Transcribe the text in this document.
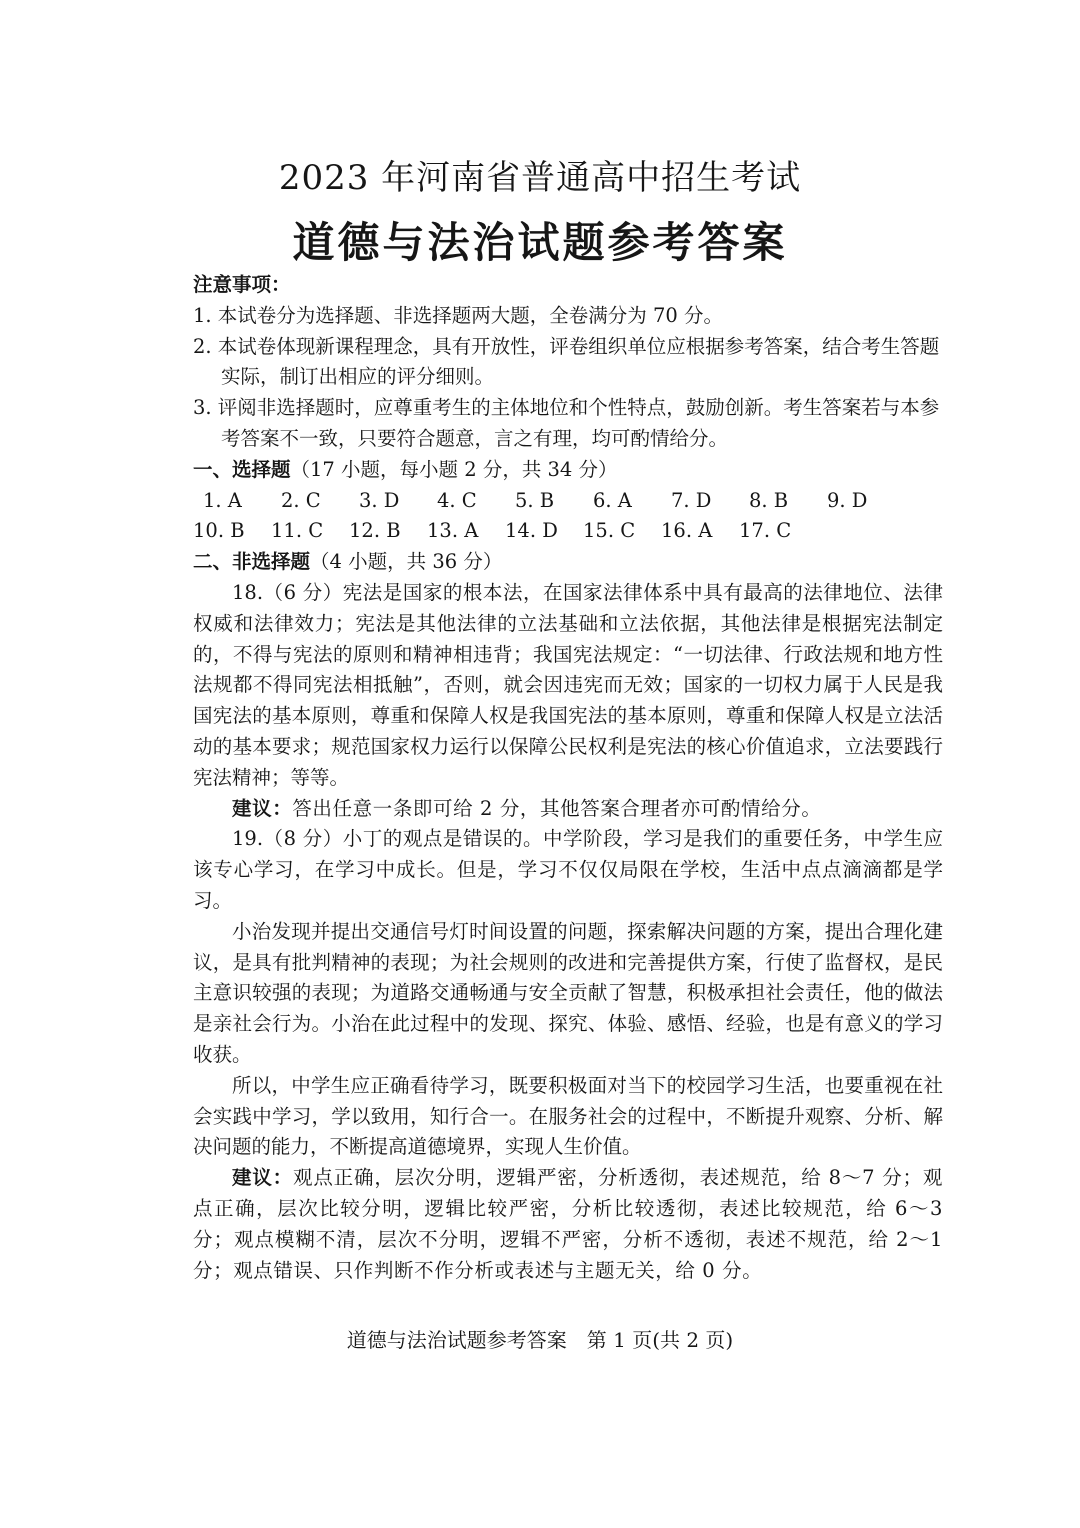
2023 年河南省普通高中招生考试
道德与法治试题参考答案

注意事项：

1. 本试卷分为选择题、非选择题两大题，全卷满分为 70 分。

2. 本试卷体现新课程理念，具有开放性，评卷组织单位应根据参考答案，结合考生答题实际，制订出相应的评分细则。

3. 评阅非选择题时，应尊重考生的主体地位和个性特点，鼓励创新。考生答案若与本参考答案不一致，只要符合题意，言之有理，均可酌情给分。

一、选择题（17 小题，每小题 2 分，共 34 分）

1. A	2. C	3. D	4. C	5. B	6. A	7. D	8. B	9. D
10. B	11. C	12. B	13. A	14. D	15. C	16. A	17. C

二、非选择题（4 小题，共 36 分）

18.（6 分）宪法是国家的根本法，在国家法律体系中具有最高的法律地位、法律权威和法律效力；宪法是其他法律的立法基础和立法依据，其他法律是根据宪法制定的，不得与宪法的原则和精神相违背；我国宪法规定：“一切法律、行政法规和地方性法规都不得同宪法相抵触”，否则，就会因违宪而无效；国家的一切权力属于人民是我国宪法的基本原则，尊重和保障人权是我国宪法的基本原则，尊重和保障人权是立法活动的基本要求；规范国家权力运行以保障公民权利是宪法的核心价值追求，立法要践行宪法精神；等等。

建议：答出任意一条即可给 2 分，其他答案合理者亦可酌情给分。

19.（8 分）小丁的观点是错误的。中学阶段，学习是我们的重要任务，中学生应该专心学习，在学习中成长。但是，学习不仅仅局限在学校，生活中点点滴滴都是学习。

小治发现并提出交通信号灯时间设置的问题，探索解决问题的方案，提出合理化建议，是具有批判精神的表现；为社会规则的改进和完善提供方案，行使了监督权，是民主意识较强的表现；为道路交通畅通与安全贡献了智慧，积极承担社会责任，他的做法是亲社会行为。小治在此过程中的发现、探究、体验、感悟、经验，也是有意义的学习收获。

所以，中学生应正确看待学习，既要积极面对当下的校园学习生活，也要重视在社会实践中学习，学以致用，知行合一。在服务社会的过程中，不断提升观察、分析、解决问题的能力，不断提高道德境界，实现人生价值。

建议：观点正确，层次分明，逻辑严密，分析透彻，表述规范，给 8～7 分；观点正确，层次比较分明，逻辑比较严密，分析比较透彻，表述比较规范，给 6～3 分；观点模糊不清，层次不分明，逻辑不严密，分析不透彻，表述不规范，给 2～1 分；观点错误、只作判断不作分析或表述与主题无关，给 0 分。

道德与法治试题参考答案　第 1 页(共 2 页)
